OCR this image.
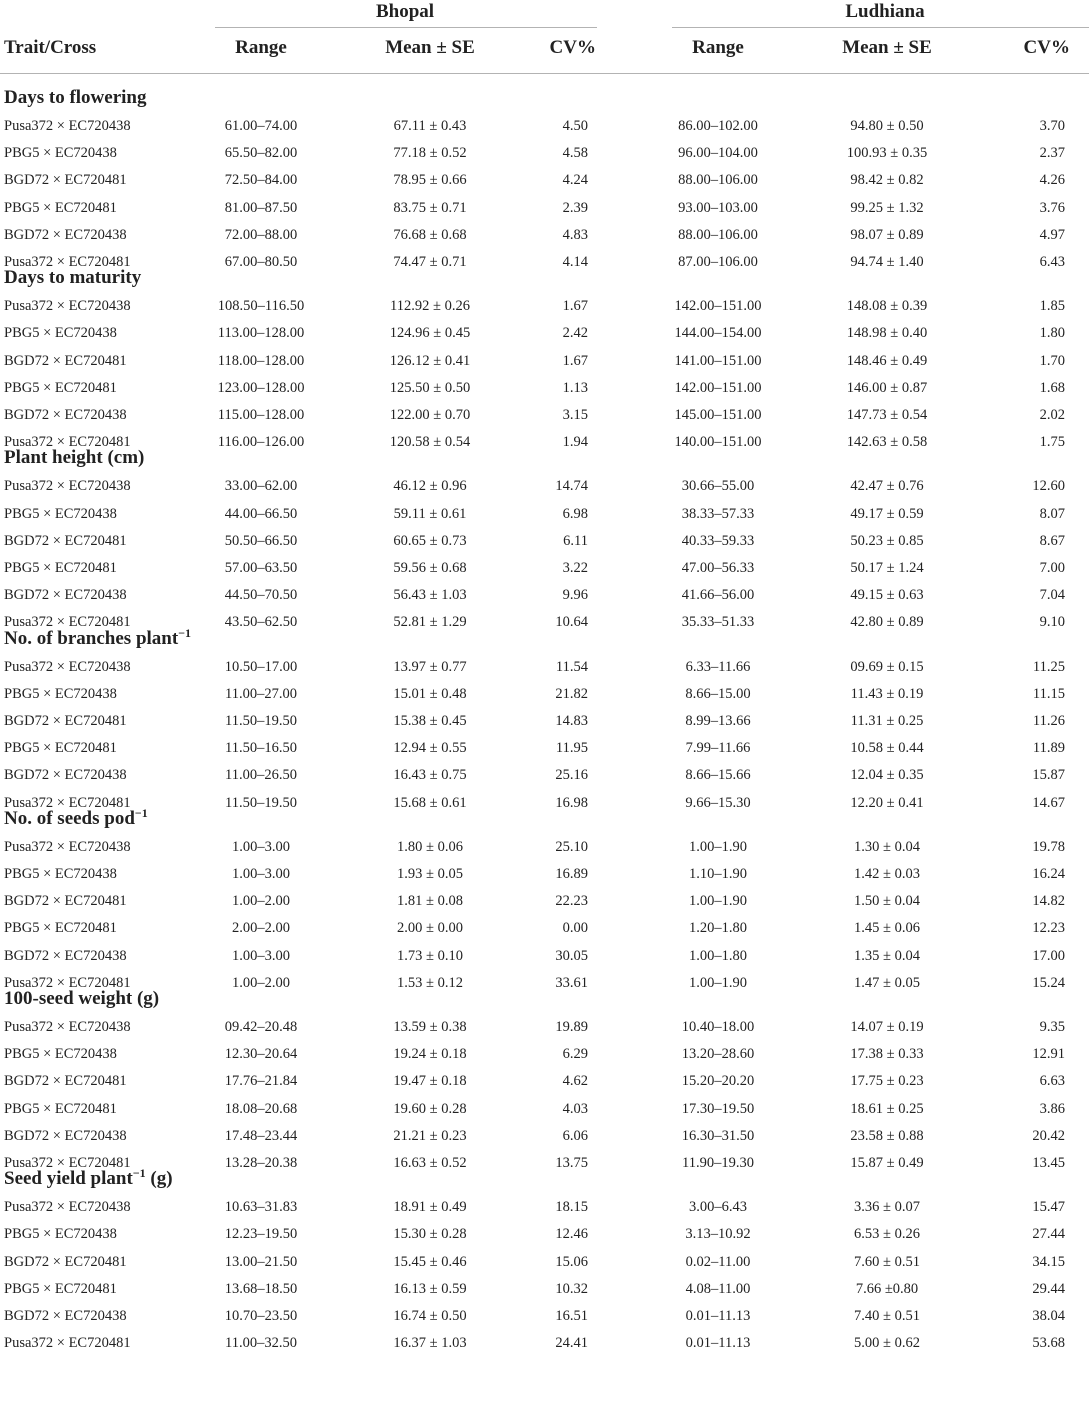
Bhopal	Ludhiana
Trait/Cross	Range	Mean ± SE	CV%	Range	Mean ± SE	CV%
Days to flowering
Pusa372 × EC720438	61.00–74.00	67.11 ± 0.43	4.50	86.00–102.00	94.80 ± 0.50	3.70
PBG5 × EC720438	65.50–82.00	77.18 ± 0.52	4.58	96.00–104.00	100.93 ± 0.35	2.37
BGD72 × EC720481	72.50–84.00	78.95 ± 0.66	4.24	88.00–106.00	98.42 ± 0.82	4.26
PBG5 × EC720481	81.00–87.50	83.75 ± 0.71	2.39	93.00–103.00	99.25 ± 1.32	3.76
BGD72 × EC720438	72.00–88.00	76.68 ± 0.68	4.83	88.00–106.00	98.07 ± 0.89	4.97
Pusa372 × EC720481	67.00–80.50	74.47 ± 0.71	4.14	87.00–106.00	94.74 ± 1.40	6.43
Days to maturity
Pusa372 × EC720438	108.50–116.50	112.92 ± 0.26	1.67	142.00–151.00	148.08 ± 0.39	1.85
PBG5 × EC720438	113.00–128.00	124.96 ± 0.45	2.42	144.00–154.00	148.98 ± 0.40	1.80
BGD72 × EC720481	118.00–128.00	126.12 ± 0.41	1.67	141.00–151.00	148.46 ± 0.49	1.70
PBG5 × EC720481	123.00–128.00	125.50 ± 0.50	1.13	142.00–151.00	146.00 ± 0.87	1.68
BGD72 × EC720438	115.00–128.00	122.00 ± 0.70	3.15	145.00–151.00	147.73 ± 0.54	2.02
Pusa372 × EC720481	116.00–126.00	120.58 ± 0.54	1.94	140.00–151.00	142.63 ± 0.58	1.75
Plant height (cm)
Pusa372 × EC720438	33.00–62.00	46.12 ± 0.96	14.74	30.66–55.00	42.47 ± 0.76	12.60
PBG5 × EC720438	44.00–66.50	59.11 ± 0.61	6.98	38.33–57.33	49.17 ± 0.59	8.07
BGD72 × EC720481	50.50–66.50	60.65 ± 0.73	6.11	40.33–59.33	50.23 ± 0.85	8.67
PBG5 × EC720481	57.00–63.50	59.56 ± 0.68	3.22	47.00–56.33	50.17 ± 1.24	7.00
BGD72 × EC720438	44.50–70.50	56.43 ± 1.03	9.96	41.66–56.00	49.15 ± 0.63	7.04
Pusa372 × EC720481	43.50–62.50	52.81 ± 1.29	10.64	35.33–51.33	42.80 ± 0.89	9.10
No. of branches plant$^{-1}$
Pusa372 × EC720438	10.50–17.00	13.97 ± 0.77	11.54	6.33–11.66	09.69 ± 0.15	11.25
PBG5 × EC720438	11.00–27.00	15.01 ± 0.48	21.82	8.66–15.00	11.43 ± 0.19	11.15
BGD72 × EC720481	11.50–19.50	15.38 ± 0.45	14.83	8.99–13.66	11.31 ± 0.25	11.26
PBG5 × EC720481	11.50–16.50	12.94 ± 0.55	11.95	7.99–11.66	10.58 ± 0.44	11.89
BGD72 × EC720438	11.00–26.50	16.43 ± 0.75	25.16	8.66–15.66	12.04 ± 0.35	15.87
Pusa372 × EC720481	11.50–19.50	15.68 ± 0.61	16.98	9.66–15.30	12.20 ± 0.41	14.67
No. of seeds pod$^{-1}$
Pusa372 × EC720438	1.00–3.00	1.80 ± 0.06	25.10	1.00–1.90	1.30 ± 0.04	19.78
PBG5 × EC720438	1.00–3.00	1.93 ± 0.05	16.89	1.10–1.90	1.42 ± 0.03	16.24
BGD72 × EC720481	1.00–2.00	1.81 ± 0.08	22.23	1.00–1.90	1.50 ± 0.04	14.82
PBG5 × EC720481	2.00–2.00	2.00 ± 0.00	0.00	1.20–1.80	1.45 ± 0.06	12.23
BGD72 × EC720438	1.00–3.00	1.73 ± 0.10	30.05	1.00–1.80	1.35 ± 0.04	17.00
Pusa372 × EC720481	1.00–2.00	1.53 ± 0.12	33.61	1.00–1.90	1.47 ± 0.05	15.24
100-seed weight (g)
Pusa372 × EC720438	09.42–20.48	13.59 ± 0.38	19.89	10.40–18.00	14.07 ± 0.19	9.35
PBG5 × EC720438	12.30–20.64	19.24 ± 0.18	6.29	13.20–28.60	17.38 ± 0.33	12.91
BGD72 × EC720481	17.76–21.84	19.47 ± 0.18	4.62	15.20–20.20	17.75 ± 0.23	6.63
PBG5 × EC720481	18.08–20.68	19.60 ± 0.28	4.03	17.30–19.50	18.61 ± 0.25	3.86
BGD72 × EC720438	17.48–23.44	21.21 ± 0.23	6.06	16.30–31.50	23.58 ± 0.88	20.42
Pusa372 × EC720481	13.28–20.38	16.63 ± 0.52	13.75	11.90–19.30	15.87 ± 0.49	13.45
Seed yield plant$^{-1}$ (g)
Pusa372 × EC720438	10.63–31.83	18.91 ± 0.49	18.15	3.00–6.43	3.36 ± 0.07	15.47
PBG5 × EC720438	12.23–19.50	15.30 ± 0.28	12.46	3.13–10.92	6.53 ± 0.26	27.44
BGD72 × EC720481	13.00–21.50	15.45 ± 0.46	15.06	0.02–11.00	7.60 ± 0.51	34.15
PBG5 × EC720481	13.68–18.50	16.13 ± 0.59	10.32	4.08–11.00	7.66 ±0.80	29.44
BGD72 × EC720438	10.70–23.50	16.74 ± 0.50	16.51	0.01–11.13	7.40 ± 0.51	38.04
Pusa372 × EC720481	11.00–32.50	16.37 ± 1.03	24.41	0.01–11.13	5.00 ± 0.62	53.68
